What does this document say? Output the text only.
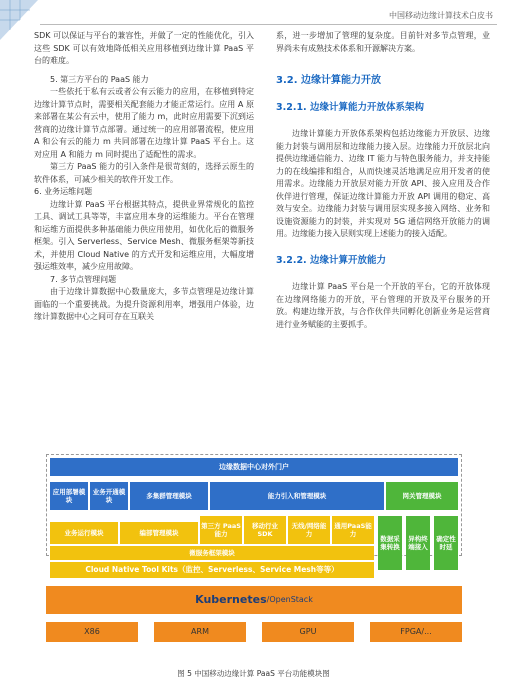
中国移动边缘计算技术白皮书

SDK 可以保证与平台的兼容性，并做了一定的性能优化，引入这些 SDK 可以有效地降低相关应用移植到边缘计算 PaaS 平台的难度。

5. 第三方平台的 PaaS 能力

一些依托于私有云或者公有云能力的应用，在移植到特定边缘计算节点时，需要相关配套能力才能正常运行。应用 A 原来部署在某公有云中，使用了能力 m，此时应用需要下沉到运营商的边缘计算节点部署。通过统一的应用部署流程，使应用 A 和公有云的能力 m 共同部署在边缘计算 PaaS 平台上。这对应用 A 和能力 m 同时提出了适配性的需求。

第三方 PaaS 能力的引入条件是很苛刻的，选择云原生的软件体系，可减少相关的软件开发工作。

6. 业务运维问题

边缘计算 PaaS 平台根据其特点，提供业界常规化的监控工具、调试工具等等，丰富应用本身的运维能力。平台在管理和运维方面提供多种基础能力供应用使用，如优化后的微服务框架。引入 Serverless、Service Mesh、微服务框架等新技术，并使用 Cloud Native 的方式开发和运维应用，大幅度增强运维效率，减少应用故障。

7. 多节点管理问题

由于边缘计算数据中心数量庞大，多节点管理是边缘计算面临的一个重要挑战。为提升资源利用率，增强用户体验，边缘计算数据中心之间可存在互联关

系，进一步增加了管理的复杂度。目前针对多节点管理，业界尚未有成熟技术体系和开源解决方案。

3.2. 边缘计算能力开放
3.2.1. 边缘计算能力开放体系架构

边缘计算能力开放体系架构包括边缘能力开放层、边缘能力封装与调用层和边缘能力接入层。边缘能力开放层北向提供边缘通信能力、边缘 IT 能力与特色服务能力，并支持能力的在线编排和组合，从而快速灵活地满足应用开发者的使用需求。边缘能力开放层对能力开放 API、接入应用及合作伙伴进行管理，保证边缘计算能力开放 API 调用的稳定、高效与安全。边缘能力封装与调用层实现多接入网络、业务和设施资源能力的封装，并实现对 5G 通信网络开放能力的调用。边缘能力接入层则实现上述能力的接入适配。

3.2.2. 边缘计算开放能力

边缘计算 PaaS 平台是一个开放的平台，它的开放体现在边缘网络能力的开放，平台管理的开放及平台服务的开放。构建边缘开放，与合作伙伴共同孵化创新业务是运营商进行业务赋能的主要抓手。

边缘数据中心对外门户
应用部署模块
业务开通模块	多集群管理模块	能力引入和管理模块	网关管理模块
业务运行模块	编部管理模块
第三方 PaaS能力
移动行业 SDK
无线/网络能力
通用PaaS能力
数据采集转换
异构终端接入
确定性时延
微服务框架模块
Cloud Native Tool Kits（监控、Serverless、Service Mesh等等）
Kubernetes /OpenStack
X86	ARM	GPU	FPGA/...
图 5 中国移动边缘计算 PaaS 平台功能模块图
